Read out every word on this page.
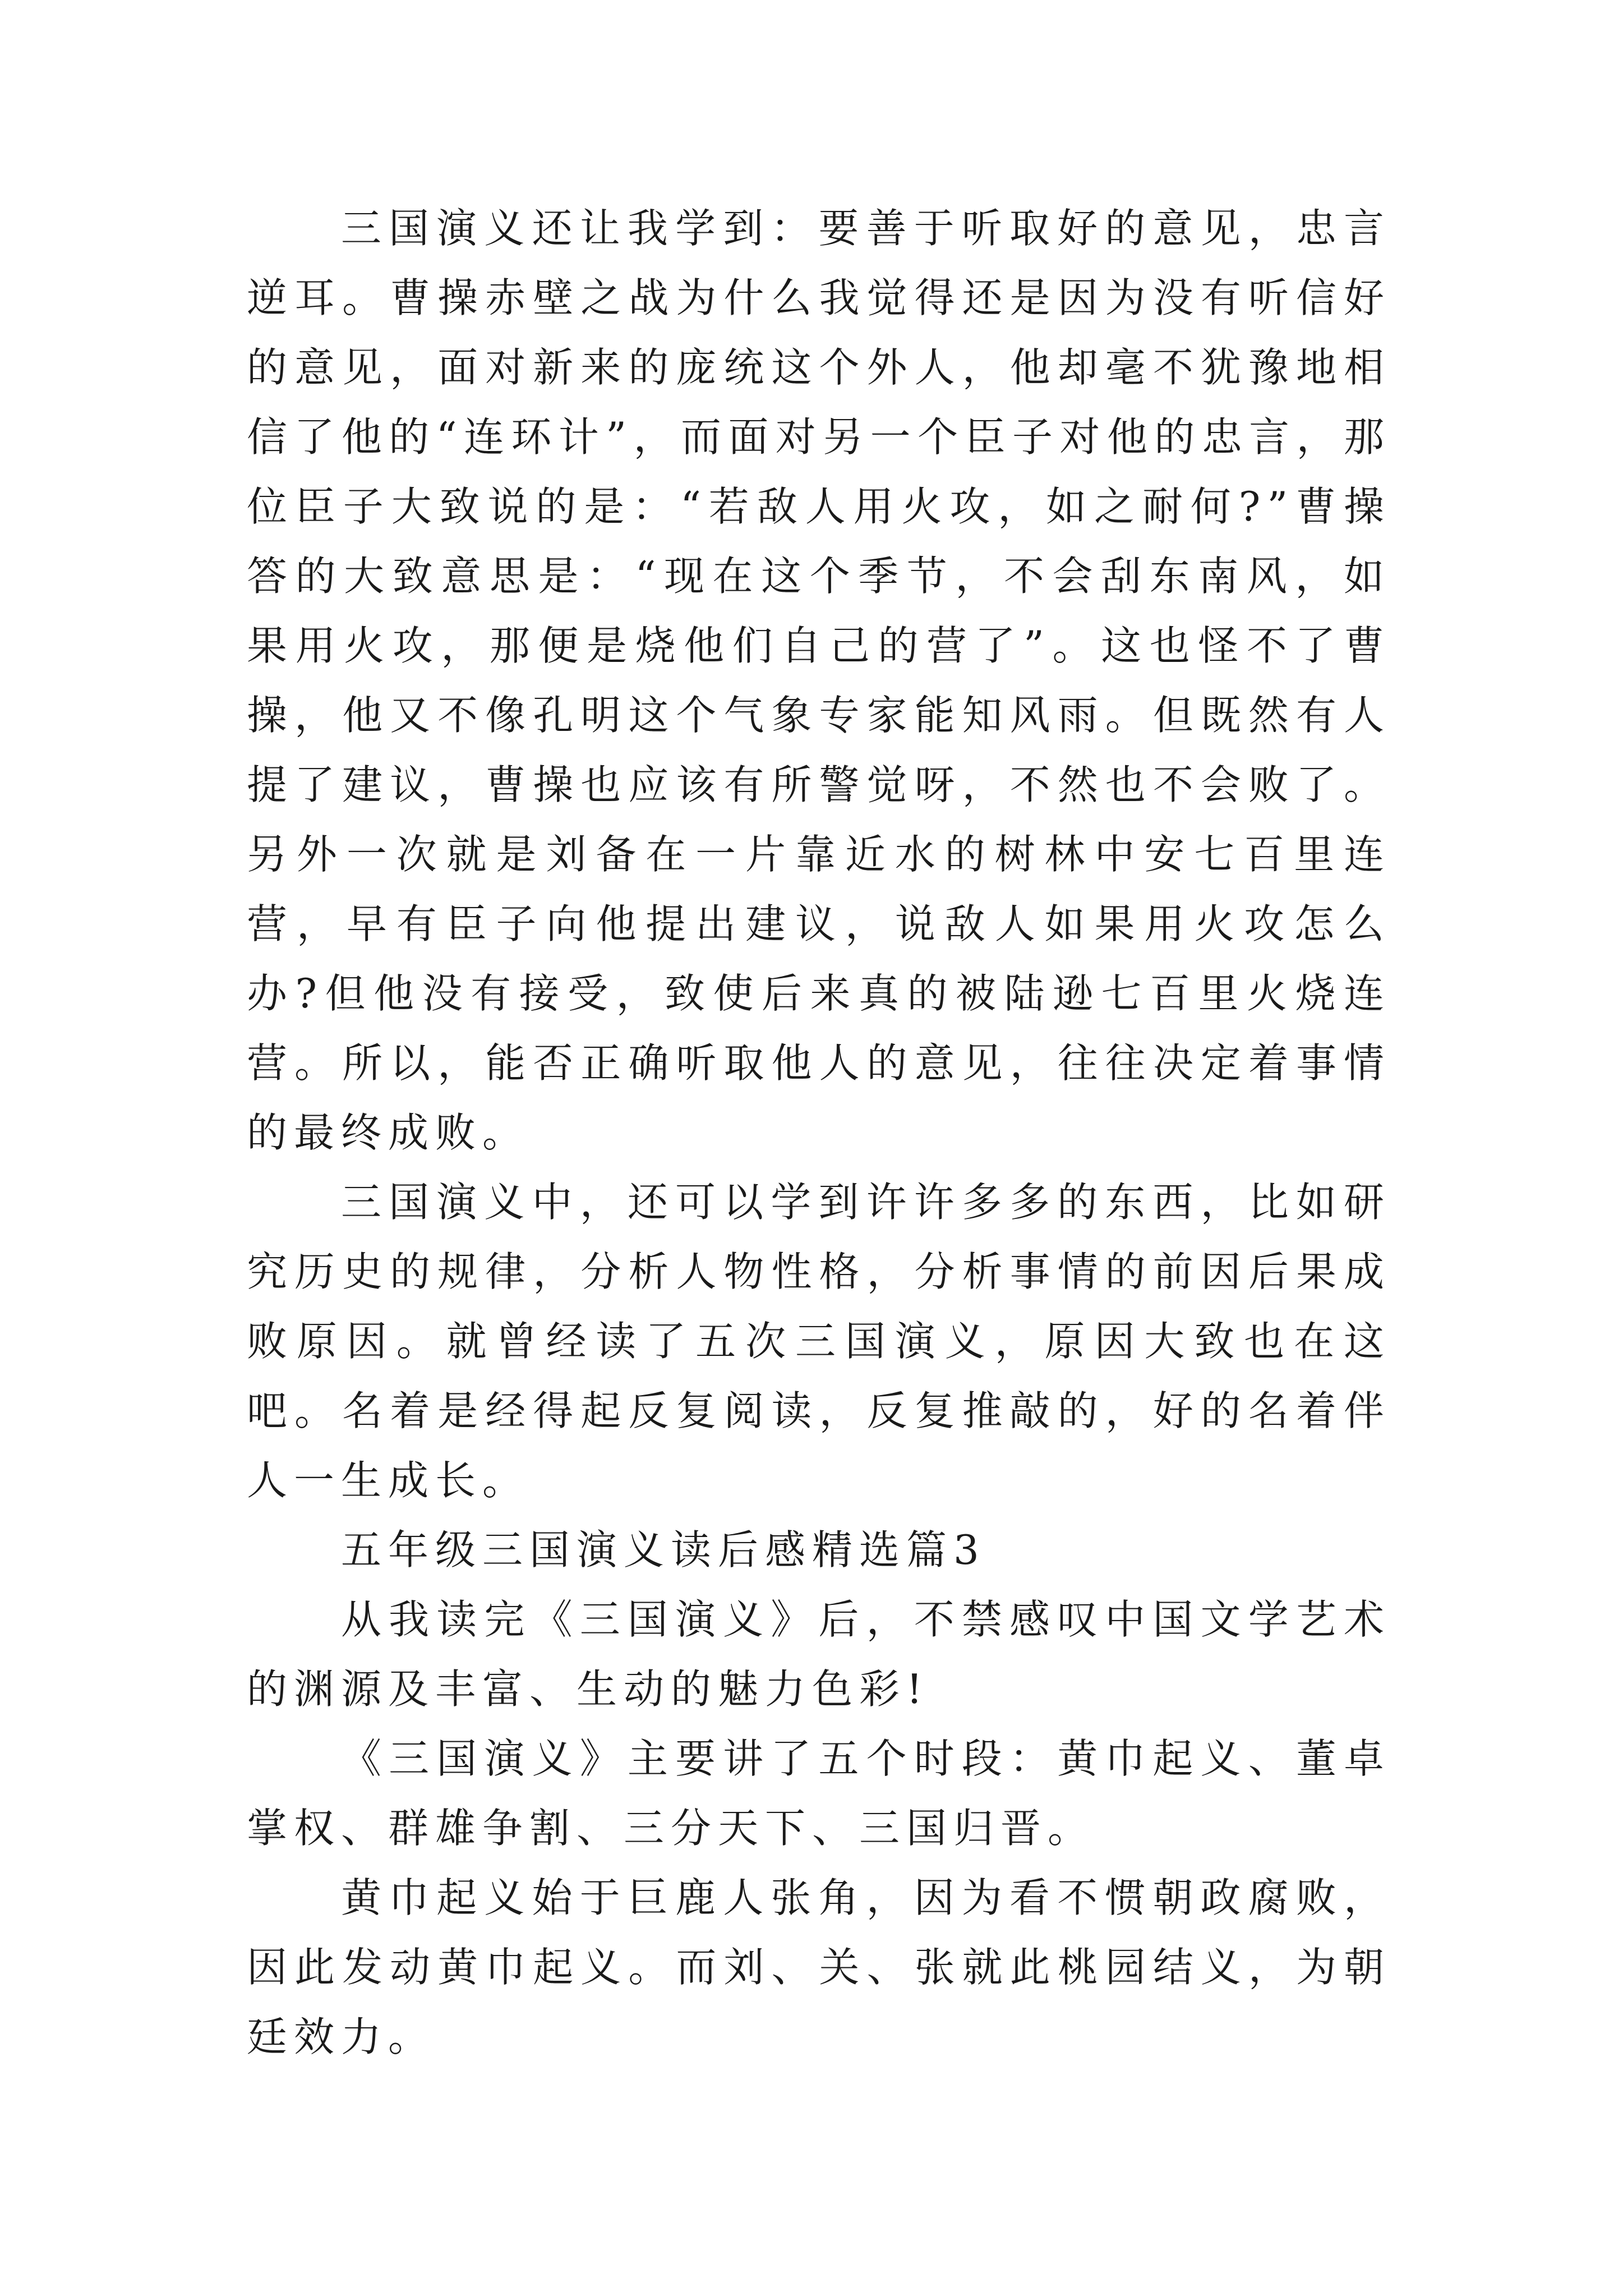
三国演义还让我学到：要善于听取好的意见，忠言逆耳。曹操赤壁之战为什么我觉得还是因为没有听信好的意见，面对新来的庞统这个外人，他却毫不犹豫地相信了他的“连环计”，而面对另一个臣子对他的忠言，那位臣子大致说的是：“若敌人用火攻，如之耐何?”曹操答的大致意思是：“现在这个季节，不会刮东南风，如果用火攻，那便是烧他们自己的营了”。这也怪不了曹操，他又不像孔明这个气象专家能知风雨。但既然有人提了建议，曹操也应该有所警觉呀，不然也不会败了。另外一次就是刘备在一片靠近水的树林中安七百里连营，早有臣子向他提出建议，说敌人如果用火攻怎么办?但他没有接受，致使后来真的被陆逊七百里火烧连营。所以，能否正确听取他人的意见，往往决定着事情的最终成败。

三国演义中，还可以学到许许多多的东西，比如研究历史的规律，分析人物性格，分析事情的前因后果成败原因。就曾经读了五次三国演义，原因大致也在这吧。名着是经得起反复阅读，反复推敲的，好的名着伴人一生成长。

五年级三国演义读后感精选篇3

从我读完《三国演义》后，不禁感叹中国文学艺术的渊源及丰富、生动的魅力色彩!

《三国演义》主要讲了五个时段：黄巾起义、董卓掌权、群雄争割、三分天下、三国归晋。

黄巾起义始于巨鹿人张角，因为看不惯朝政腐败，因此发动黄巾起义。而刘、关、张就此桃园结义，为朝廷效力。
